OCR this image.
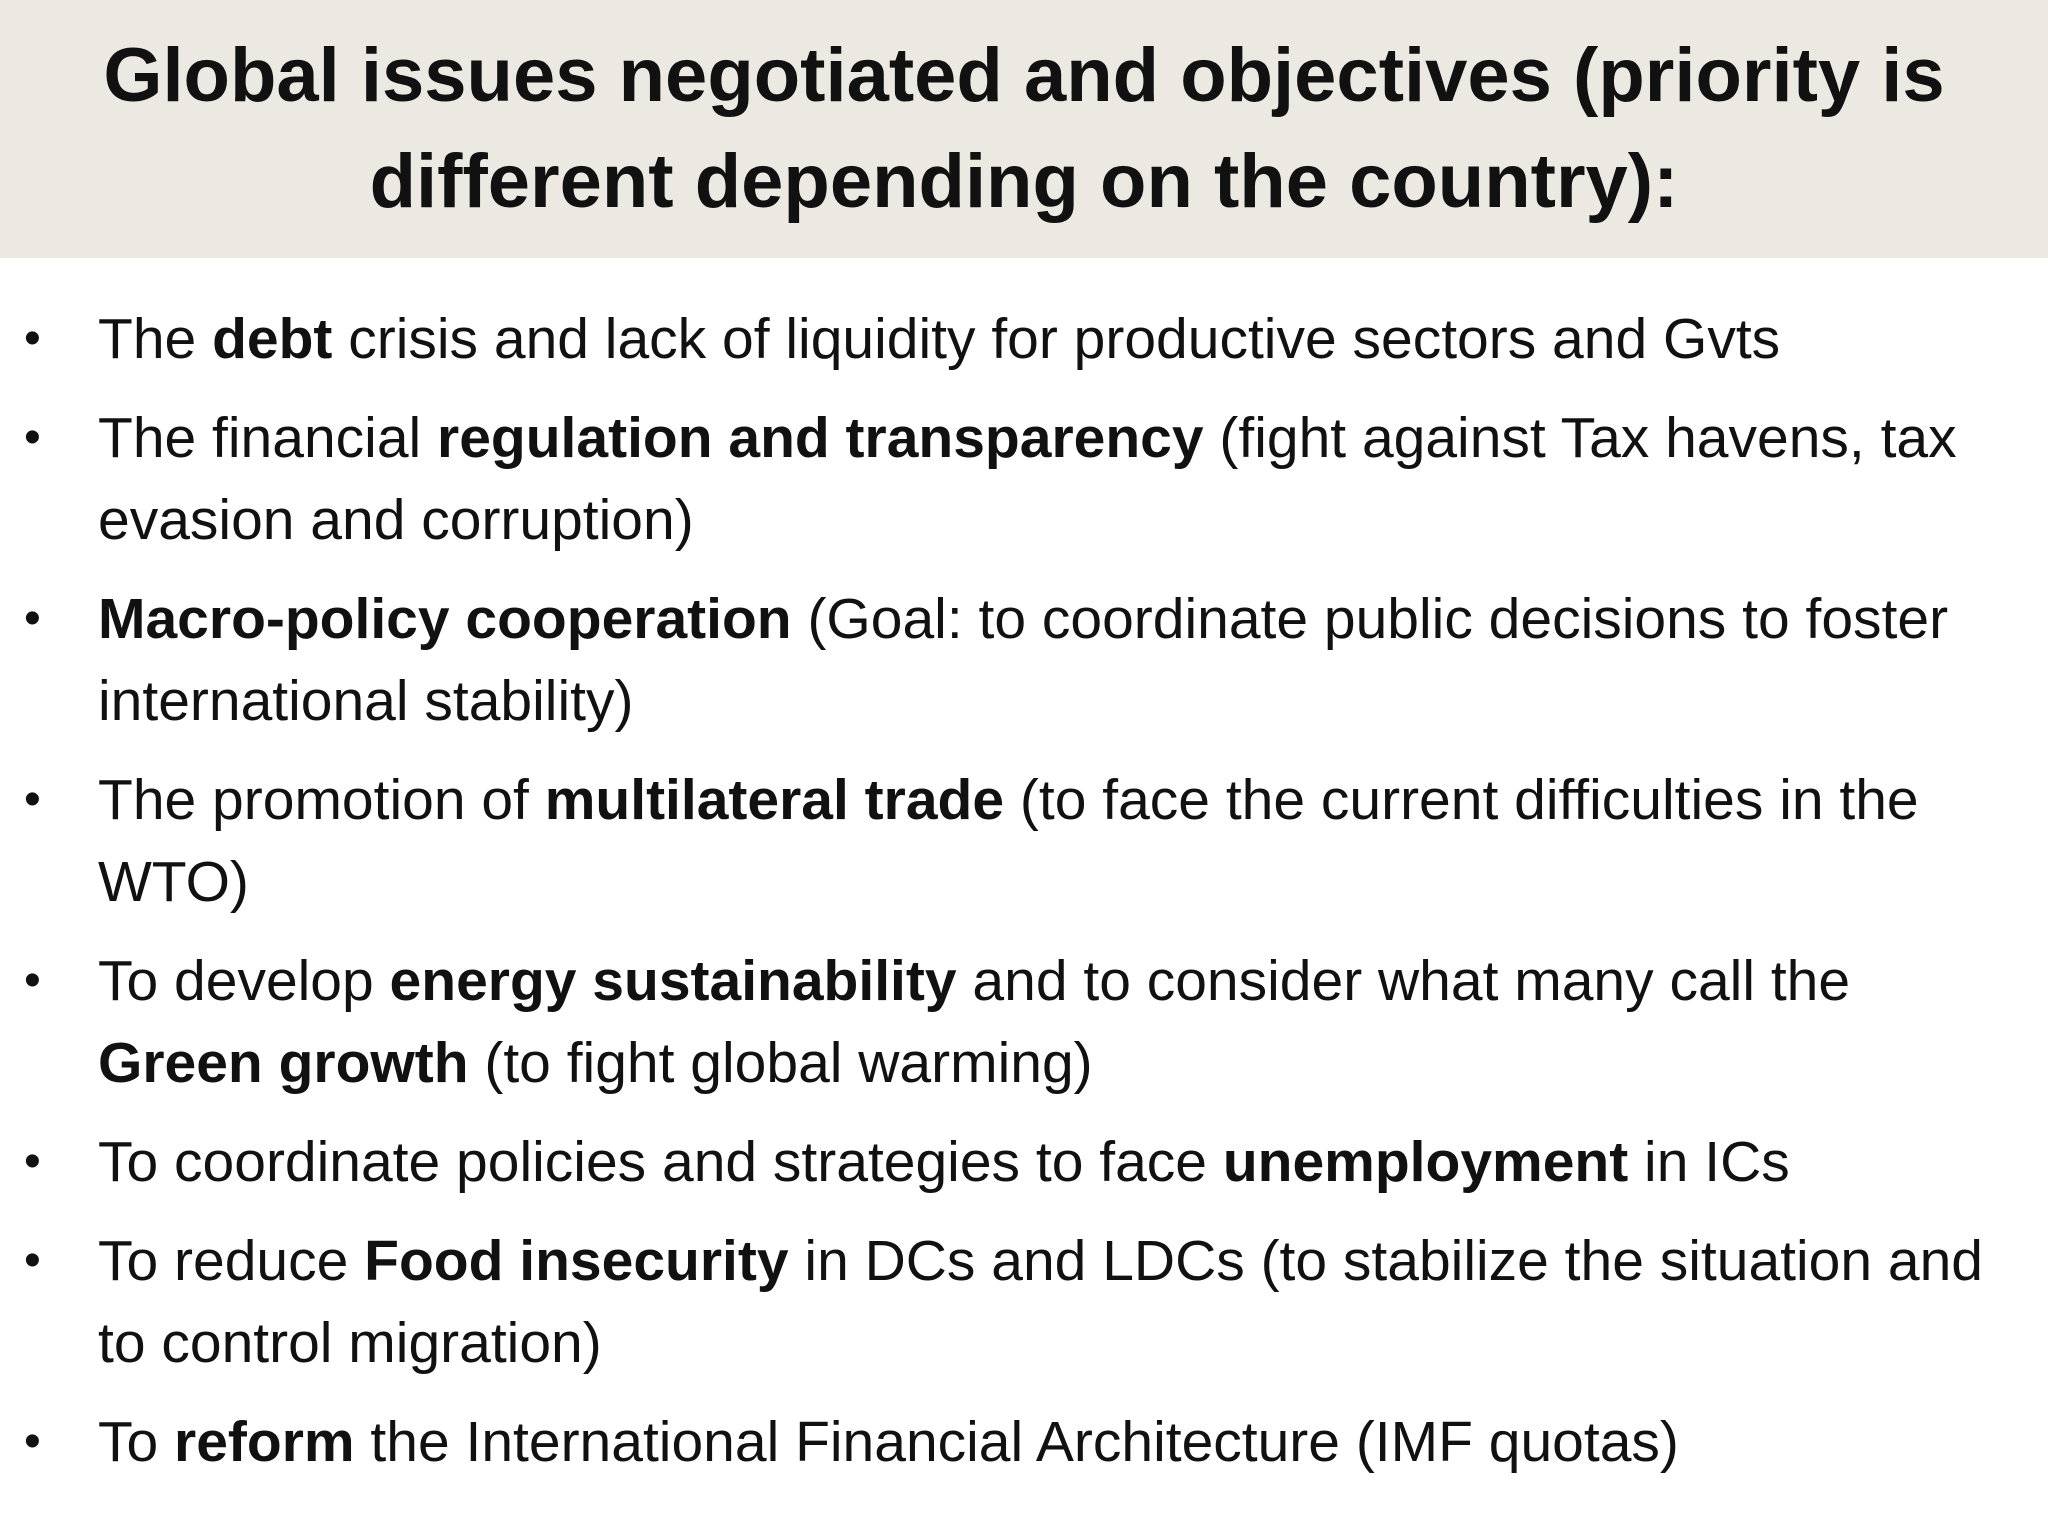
Global issues negotiated and objectives (priority is different depending on the country):
• The debt crisis and lack of liquidity for productive sectors and Gvts
• The financial regulation and transparency (fight against Tax havens, tax evasion and corruption)
• Macro-policy cooperation (Goal: to coordinate public decisions to foster international stability)
• The promotion of multilateral trade (to face the current difficulties in the WTO)
• To develop energy sustainability and to consider what many call the Green growth (to fight global warming)
• To coordinate policies and strategies to face unemployment in ICs
• To reduce Food insecurity in DCs and LDCs (to stabilize the situation and to control migration)
• To reform the International Financial Architecture (IMF quotas)
